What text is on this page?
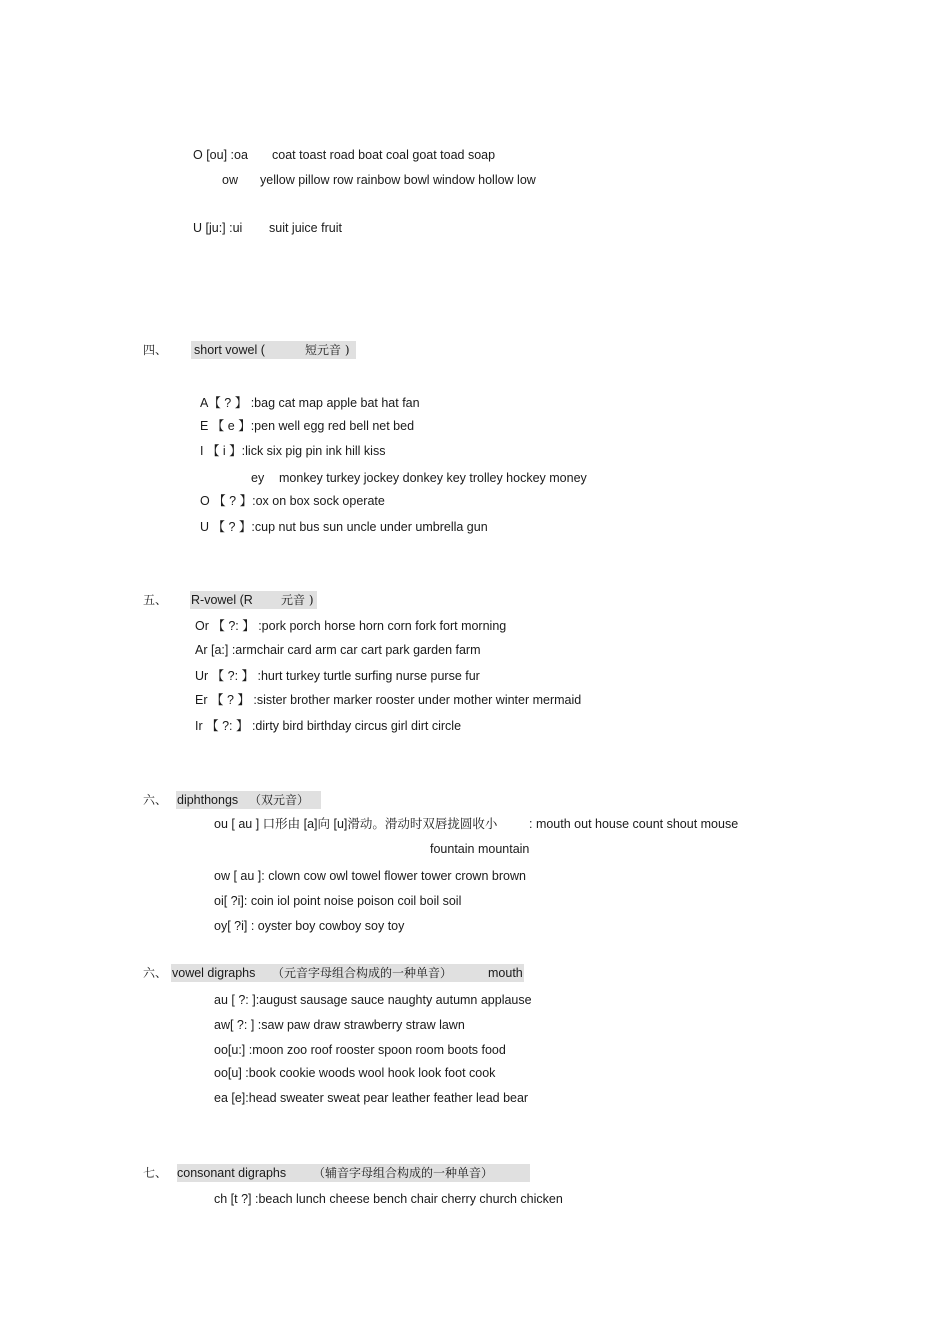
O [ou] :oa coat toast road boat coal goat toad soap
ow yellow pillow row rainbow bowl window hollow low
U [ju:] :ui suit juice fruit
四、 short vowel (	短元音 )
A【 ? 】 :bag cat map apple bat hat fan
E 【 e 】:pen well egg red bell net bed
I 【 i 】:lick six pig pin ink hill kiss
ey monkey turkey jockey donkey key trolley hockey money
O 【 ? 】:ox on box sock operate
U 【 ? 】:cup nut bus sun uncle under umbrella gun
五、 R-vowel (R 元音 )
Or 【 ?: 】 :pork porch horse horn corn fork fort morning
Ar [a:] :armchair card arm car cart park garden farm
Ur 【 ?: 】 :hurt turkey turtle surfing nurse purse fur
Er 【 ? 】 :sister brother marker rooster under mother winter mermaid
Ir 【 ?: 】 :dirty bird birthday circus girl dirt circle
六、 diphthongs （双元音）
ou [ au ] 口形由 [a]向 [u]滑动。滑动时双唇拢圆收小	: mouth out house count shout mouse
fountain mountain
ow [ au ]: clown cow owl towel flower tower crown brown
oi[ ?i]: coin iol point noise poison coil boil soil
oy[ ?i] : oyster boy cowboy soy toy
六、 vowel digraphs （元音字母组合构成的一种单音）	mouth
au [ ?: ]:august sausage sauce naughty autumn applause
aw[ ?: ] :saw paw draw strawberry straw lawn
oo[u:] :moon zoo roof rooster spoon room boots food
oo[u] :book cookie woods wool hook look foot cook
ea [e]:head sweater sweat pear leather feather lead bear
七、 consonant digraphs （辅音字母组合构成的一种单音）
ch [t ?] :beach lunch cheese bench chair cherry church chicken
